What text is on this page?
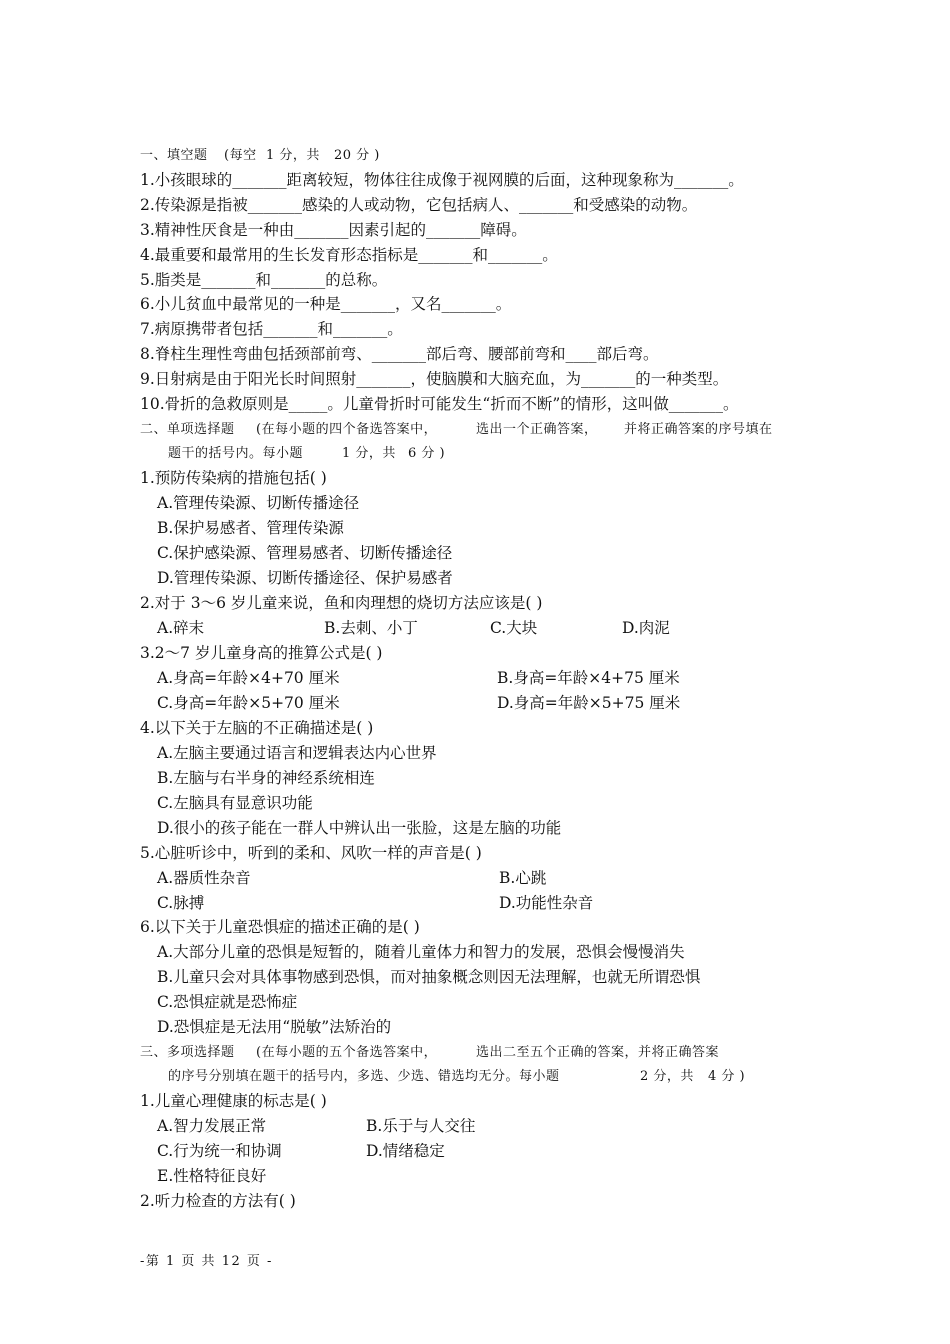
一、填空题 (每空 1 分，共 20 分 )
1.小孩眼球的_______距离较短，物体往往成像于视网膜的后面，这种现象称为_______。
2.传染源是指被_______感染的人或动物，它包括病人、_______和受感染的动物。
3.精神性厌食是一种由_______因素引起的_______障碍。
4.最重要和最常用的生长发育形态指标是_______和_______。
5.脂类是_______和_______的总称。
6.小儿贫血中最常见的一种是_______，又名_______。
7.病原携带者包括_______和_______。
8.脊柱生理性弯曲包括颈部前弯、_______部后弯、腰部前弯和____部后弯。
9.日射病是由于阳光长时间照射_______，使脑膜和大脑充血，为_______的一种类型。
10.骨折的急救原则是_____。儿童骨折时可能发生“折而不断”的情形，这叫做_______。
二、单项选择题 (在每小题的四个备选答案中，	选出一个正确答案， 并将正确答案的序号填在
题干的括号内。每小题	1 分，共 6 分 )
1.预防传染病的措施包括( )
A.管理传染源、切断传播途径
B.保护易感者、管理传染源
C.保护感染源、管理易感者、切断传播途径
D.管理传染源、切断传播途径、保护易感者
2.对于 3～6 岁儿童来说，鱼和肉理想的烧切方法应该是( )
A.碎末	B.去刺、小丁	C.大块	D.肉泥
3.2～7 岁儿童身高的推算公式是( )
A.身高=年龄×4+70 厘米	B.身高=年龄×4+75 厘米
C.身高=年龄×5+70 厘米	D.身高=年龄×5+75 厘米
4.以下关于左脑的不正确描述是( )
A.左脑主要通过语言和逻辑表达内心世界
B.左脑与右半身的神经系统相连
C.左脑具有显意识功能
D.很小的孩子能在一群人中辨认出一张脸，这是左脑的功能
5.心脏听诊中，听到的柔和、风吹一样的声音是( )
A.器质性杂音	B.心跳
C.脉搏	D.功能性杂音
6.以下关于儿童恐惧症的描述正确的是( )
A.大部分儿童的恐惧是短暂的，随着儿童体力和智力的发展，恐惧会慢慢消失
B.儿童只会对具体事物感到恐惧，而对抽象概念则因无法理解，也就无所谓恐惧
C.恐惧症就是恐怖症
D.恐惧症是无法用“脱敏”法矫治的
三、多项选择题 (在每小题的五个备选答案中，	选出二至五个正确的答案，并将正确答案
的序号分别填在题干的括号内，多选、少选、错选均无分。每小题	2 分，共 4 分 )
1.儿童心理健康的标志是( )
A.智力发展正常	B.乐于与人交往
C.行为统一和协调	D.情绪稳定
E.性格特征良好
2.听力检查的方法有( )
-第 1 页 共 12 页 -
